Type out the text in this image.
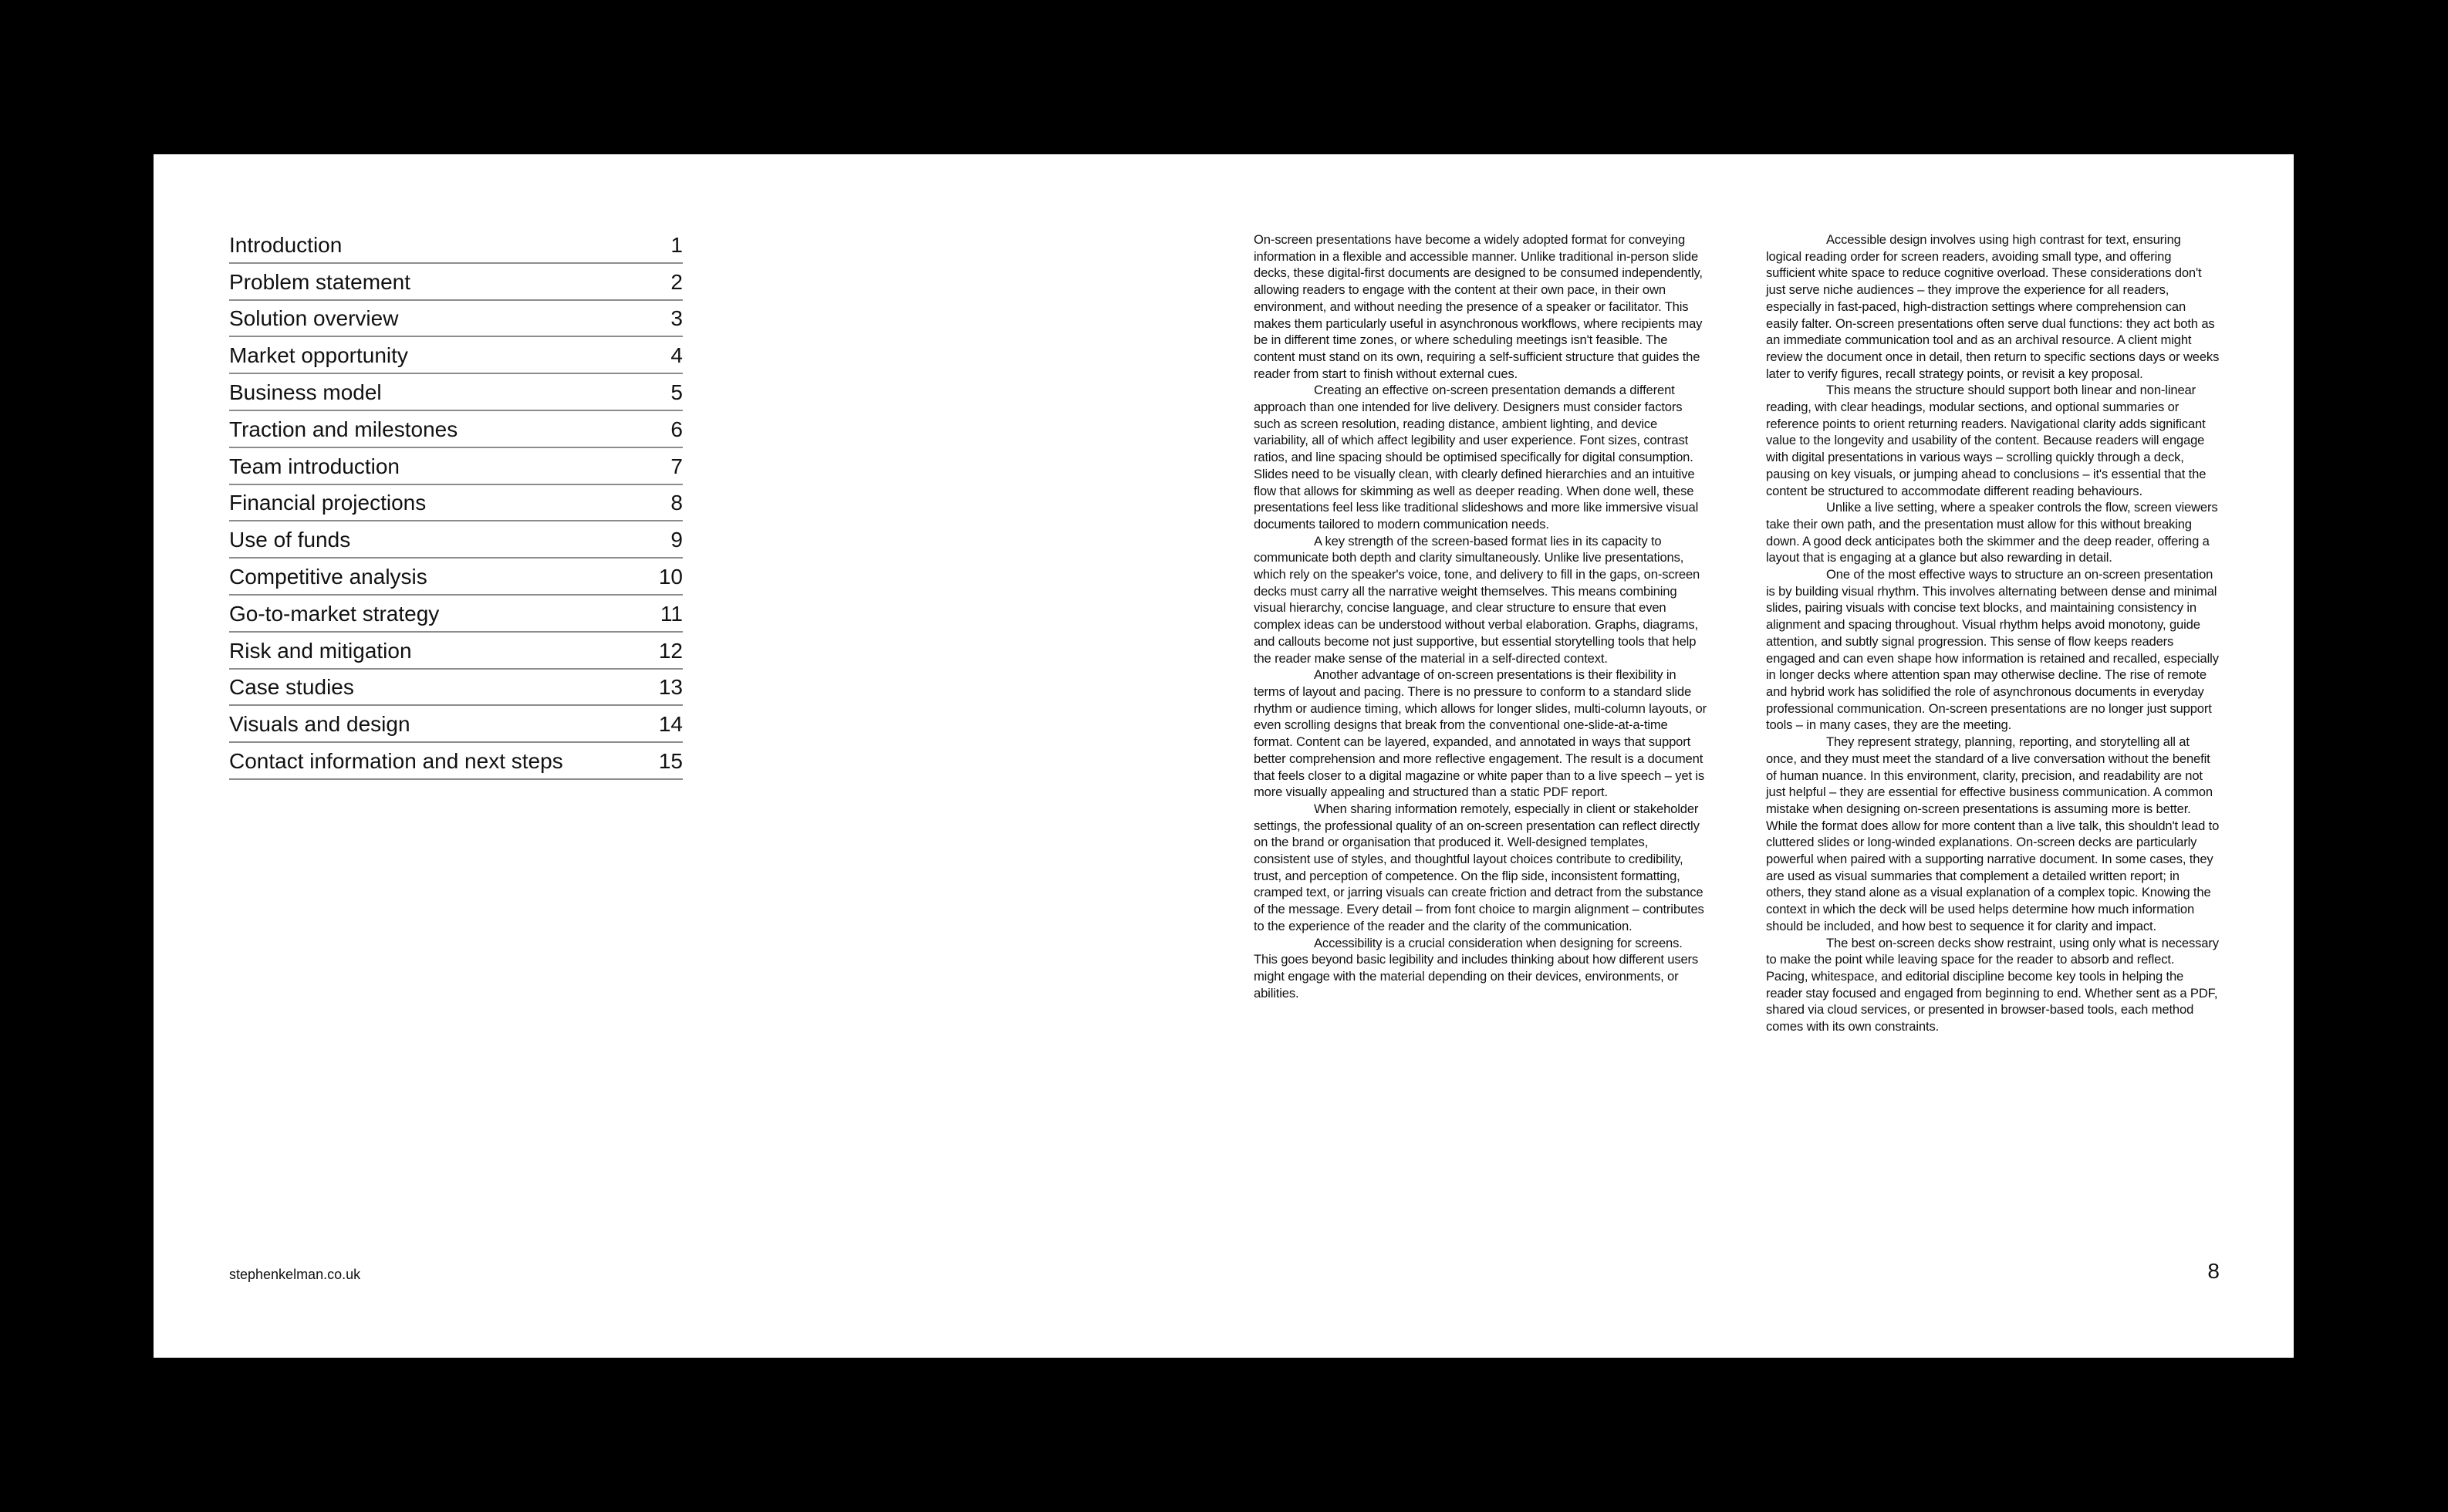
Introduction	1
Problem statement	2
Solution overview	3
Market opportunity	4
Business model	5
Traction and milestones	6
Team introduction	7
Financial projections	8
Use of funds	9
Competitive analysis	10
Go-to-market strategy	11
Risk and mitigation	12
Case studies	13
Visuals and design	14
Contact information and next steps	15

On-screen presentations have become a widely adopted format for conveying information in a flexible and accessible manner. Unlike traditional in-person slide decks, these digital-first documents are designed to be consumed independently, allowing readers to engage with the content at their own pace, in their own environment, and without needing the presence of a speaker or facilitator. This makes them particularly useful in asynchronous workflows, where recipients may be in different time zones, or where scheduling meetings isn't feasible. The content must stand on its own, requiring a self-sufficient structure that guides the reader from start to finish without external cues.

Creating an effective on-screen presentation demands a different approach than one intended for live delivery. Designers must consider factors such as screen resolution, reading distance, ambient lighting, and device variability, all of which affect legibility and user experience. Font sizes, contrast ratios, and line spacing should be optimised specifically for digital consumption. Slides need to be visually clean, with clearly defined hierarchies and an intuitive flow that allows for skimming as well as deeper reading. When done well, these presentations feel less like traditional slideshows and more like immersive visual documents tailored to modern communication needs.

A key strength of the screen-based format lies in its capacity to communicate both depth and clarity simultaneously. Unlike live presentations, which rely on the speaker's voice, tone, and delivery to fill in the gaps, on-screen decks must carry all the narrative weight themselves. This means combining visual hierarchy, concise language, and clear structure to ensure that even complex ideas can be understood without verbal elaboration. Graphs, diagrams, and callouts become not just supportive, but essential storytelling tools that help the reader make sense of the material in a self-directed context.

Another advantage of on-screen presentations is their flexibility in terms of layout and pacing. There is no pressure to conform to a standard slide rhythm or audience timing, which allows for longer slides, multi-column layouts, or even scrolling designs that break from the conventional one-slide-at-a-time format. Content can be layered, expanded, and annotated in ways that support better comprehension and more reflective engagement. The result is a document that feels closer to a digital magazine or white paper than to a live speech – yet is more visually appealing and structured than a static PDF report.

When sharing information remotely, especially in client or stakeholder settings, the professional quality of an on-screen presentation can reflect directly on the brand or organisation that produced it. Well-designed templates, consistent use of styles, and thoughtful layout choices contribute to credibility, trust, and perception of competence. On the flip side, inconsistent formatting, cramped text, or jarring visuals can create friction and detract from the substance of the message. Every detail – from font choice to margin alignment – contributes to the experience of the reader and the clarity of the communication.

Accessibility is a crucial consideration when designing for screens. This goes beyond basic legibility and includes thinking about how different users might engage with the material depending on their devices, environments, or abilities.

Accessible design involves using high contrast for text, ensuring logical reading order for screen readers, avoiding small type, and offering sufficient white space to reduce cognitive overload. These considerations don't just serve niche audiences – they improve the experience for all readers, especially in fast-paced, high-distraction settings where comprehension can easily falter. On-screen presentations often serve dual functions: they act both as an immediate communication tool and as an archival resource. A client might review the document once in detail, then return to specific sections days or weeks later to verify figures, recall strategy points, or revisit a key proposal.

This means the structure should support both linear and non-linear reading, with clear headings, modular sections, and optional summaries or reference points to orient returning readers. Navigational clarity adds significant value to the longevity and usability of the content. Because readers will engage with digital presentations in various ways – scrolling quickly through a deck, pausing on key visuals, or jumping ahead to conclusions – it's essential that the content be structured to accommodate different reading behaviours.

Unlike a live setting, where a speaker controls the flow, screen viewers take their own path, and the presentation must allow for this without breaking down. A good deck anticipates both the skimmer and the deep reader, offering a layout that is engaging at a glance but also rewarding in detail.

One of the most effective ways to structure an on-screen presentation is by building visual rhythm. This involves alternating between dense and minimal slides, pairing visuals with concise text blocks, and maintaining consistency in alignment and spacing throughout. Visual rhythm helps avoid monotony, guide attention, and subtly signal progression. This sense of flow keeps readers engaged and can even shape how information is retained and recalled, especially in longer decks where attention span may otherwise decline. The rise of remote and hybrid work has solidified the role of asynchronous documents in everyday professional communication. On-screen presentations are no longer just support tools – in many cases, they are the meeting.

They represent strategy, planning, reporting, and storytelling all at once, and they must meet the standard of a live conversation without the benefit of human nuance. In this environment, clarity, precision, and readability are not just helpful – they are essential for effective business communication. A common mistake when designing on-screen presentations is assuming more is better. While the format does allow for more content than a live talk, this shouldn't lead to cluttered slides or long-winded explanations. On-screen decks are particularly powerful when paired with a supporting narrative document. In some cases, they are used as visual summaries that complement a detailed written report; in others, they stand alone as a visual explanation of a complex topic. Knowing the context in which the deck will be used helps determine how much information should be included, and how best to sequence it for clarity and impact.

The best on-screen decks show restraint, using only what is necessary to make the point while leaving space for the reader to absorb and reflect. Pacing, whitespace, and editorial discipline become key tools in helping the reader stay focused and engaged from beginning to end. Whether sent as a PDF, shared via cloud services, or presented in browser-based tools, each method comes with its own constraints.

stephenkelman.co.uk	8
